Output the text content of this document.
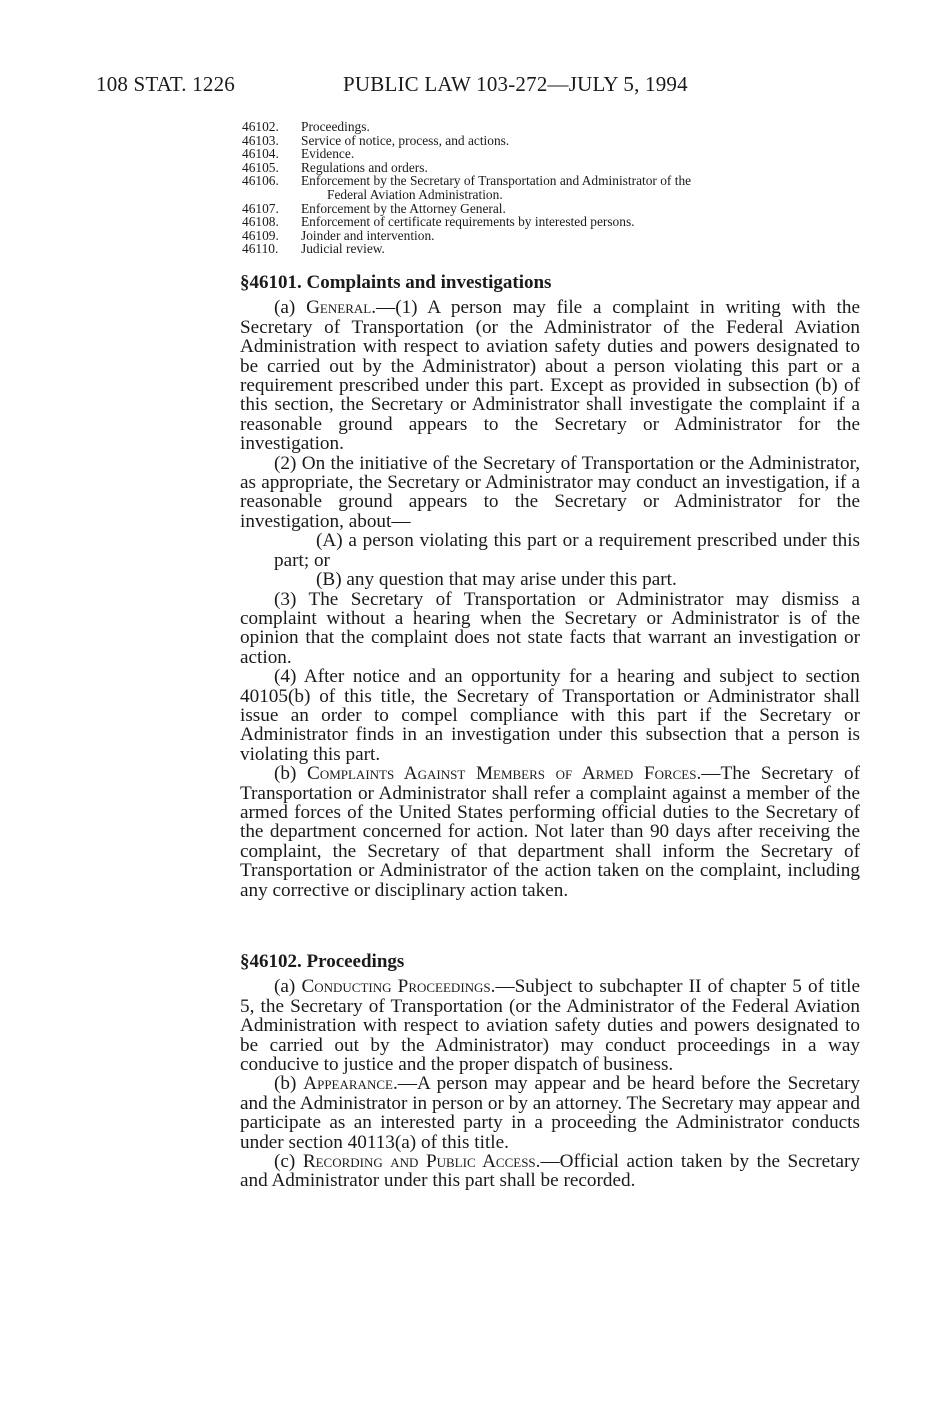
108 STAT. 1226	PUBLIC LAW 103-272—JULY 5, 1994
46102.	Proceedings.
46103.	Service of notice, process, and actions.
46104.	Evidence.
46105.	Regulations and orders.
46106.	Enforcement by the Secretary of Transportation and Administrator of the
Federal Aviation Administration.
46107.	Enforcement by the Attorney General.
46108.	Enforcement of certificate requirements by interested persons.
46109.	Joinder and intervention.
46110.	Judicial review.
§46101. Complaints and investigations

(a) General.—(1) A person may file a complaint in writing with the Secretary of Transportation (or the Administrator of the Federal Aviation Administration with respect to aviation safety duties and powers designated to be carried out by the Administrator) about a person violating this part or a requirement prescribed under this part. Except as provided in subsection (b) of this section, the Secretary or Administrator shall investigate the complaint if a reasonable ground appears to the Secretary or Administrator for the investigation.

(2) On the initiative of the Secretary of Transportation or the Administrator, as appropriate, the Secretary or Administrator may conduct an investigation, if a reasonable ground appears to the Secretary or Administrator for the investigation, about—

(A) a person violating this part or a requirement prescribed under this part; or

(B) any question that may arise under this part.

(3) The Secretary of Transportation or Administrator may dismiss a complaint without a hearing when the Secretary or Administrator is of the opinion that the complaint does not state facts that warrant an investigation or action.

(4) After notice and an opportunity for a hearing and subject to section 40105(b) of this title, the Secretary of Transportation or Administrator shall issue an order to compel compliance with this part if the Secretary or Administrator finds in an investigation under this subsection that a person is violating this part.

(b) Complaints Against Members of Armed Forces.—The Secretary of Transportation or Administrator shall refer a complaint against a member of the armed forces of the United States performing official duties to the Secretary of the department concerned for action. Not later than 90 days after receiving the complaint, the Secretary of that department shall inform the Secretary of Transportation or Administrator of the action taken on the complaint, including any corrective or disciplinary action taken.

§46102. Proceedings

(a) Conducting Proceedings.—Subject to subchapter II of chapter 5 of title 5, the Secretary of Transportation (or the Administrator of the Federal Aviation Administration with respect to aviation safety duties and powers designated to be carried out by the Administrator) may conduct proceedings in a way conducive to justice and the proper dispatch of business.

(b) Appearance.—A person may appear and be heard before the Secretary and the Administrator in person or by an attorney. The Secretary may appear and participate as an interested party in a proceeding the Administrator conducts under section 40113(a) of this title.

(c) Recording and Public Access.—Official action taken by the Secretary and Administrator under this part shall be recorded.
